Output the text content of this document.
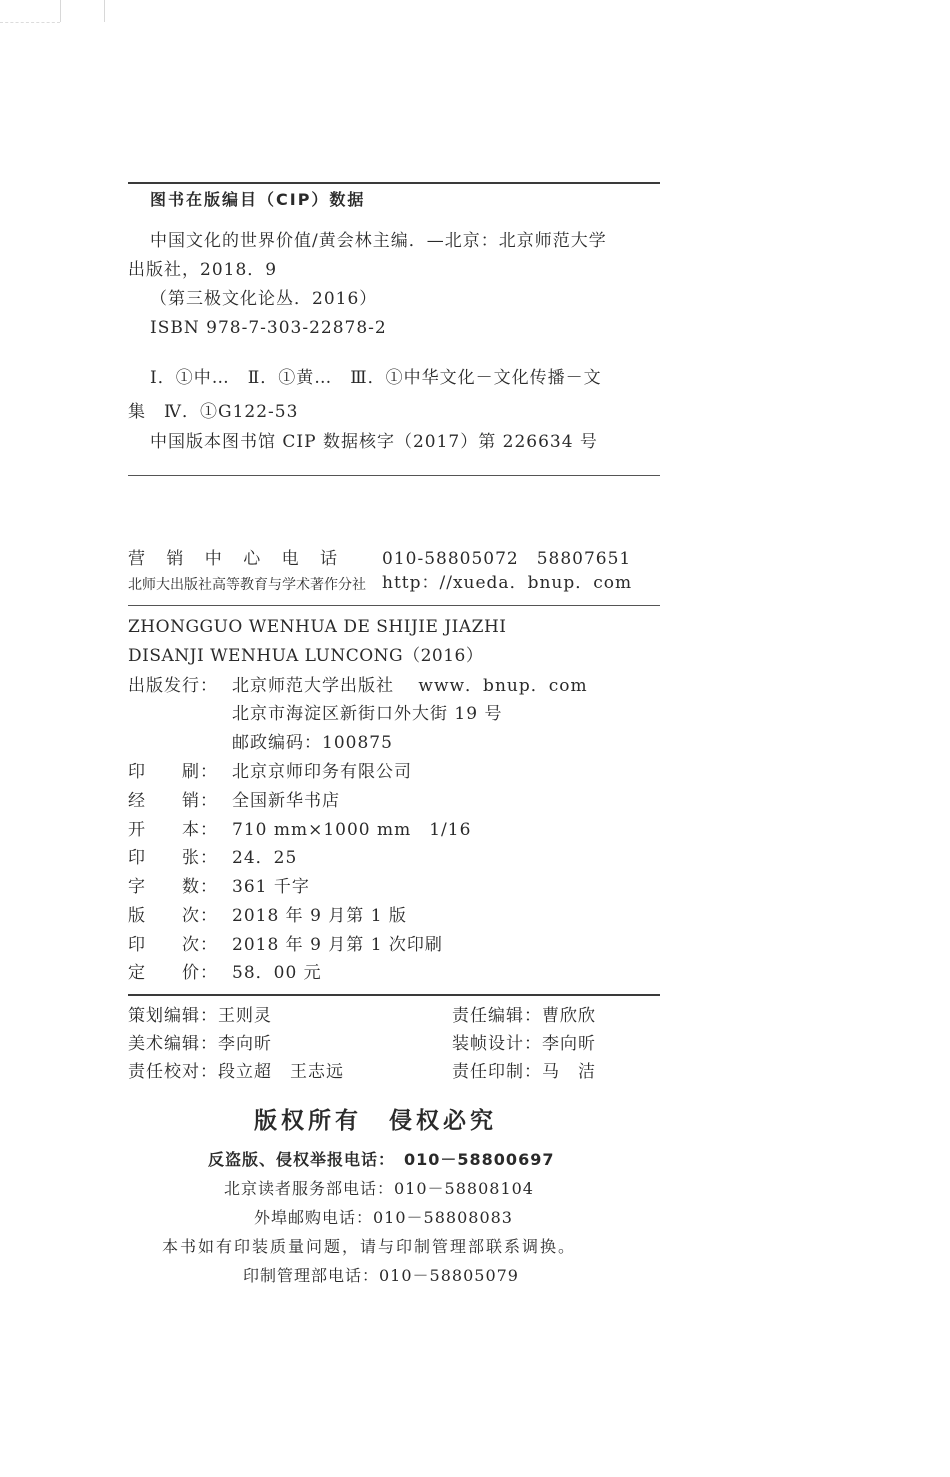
图书在版编目（CIP）数据
中国文化的世界价值/黄会林主编．—北京：北京师范大学
出版社，2018．9
（第三极文化论丛．2016）
ISBN 978-7-303-22878-2
Ⅰ．①中…　Ⅱ．①黄…　Ⅲ．①中华文化－文化传播－文
集　Ⅳ．①G122-53
中国版本图书馆 CIP 数据核字（2017）第 226634 号
营 销 中 心 电 话 010-58805072　58807651
北师大出版社高等教育与学术著作分社 http：//xueda．bnup．com
ZHONGGUO WENHUA DE SHIJIE JIAZHI
DISANJI WENHUA LUNCONG（2016）
出版发行： 北京师范大学出版社　 www．bnup．com
北京市海淀区新街口外大街 19 号
邮政编码：100875
印　　刷： 北京京师印务有限公司
经　　销： 全国新华书店
开　　本： 710 mm×1000 mm　1/16
印　　张： 24．25
字　　数： 361 千字
版　　次： 2018 年 9 月第 1 版
印　　次： 2018 年 9 月第 1 次印刷
定　　价： 58．00 元
策划编辑：王则灵
美术编辑：李向昕
责任校对：段立超　王志远
责任编辑：曹欣欣
装帧设计：李向昕
责任印制：马　洁
版权所有　侵权必究
反盗版、侵权举报电话：　010－58800697
北京读者服务部电话：010－58808104
外埠邮购电话：010－58808083
本书如有印装质量问题，请与印制管理部联系调换。
印制管理部电话：010－58805079
